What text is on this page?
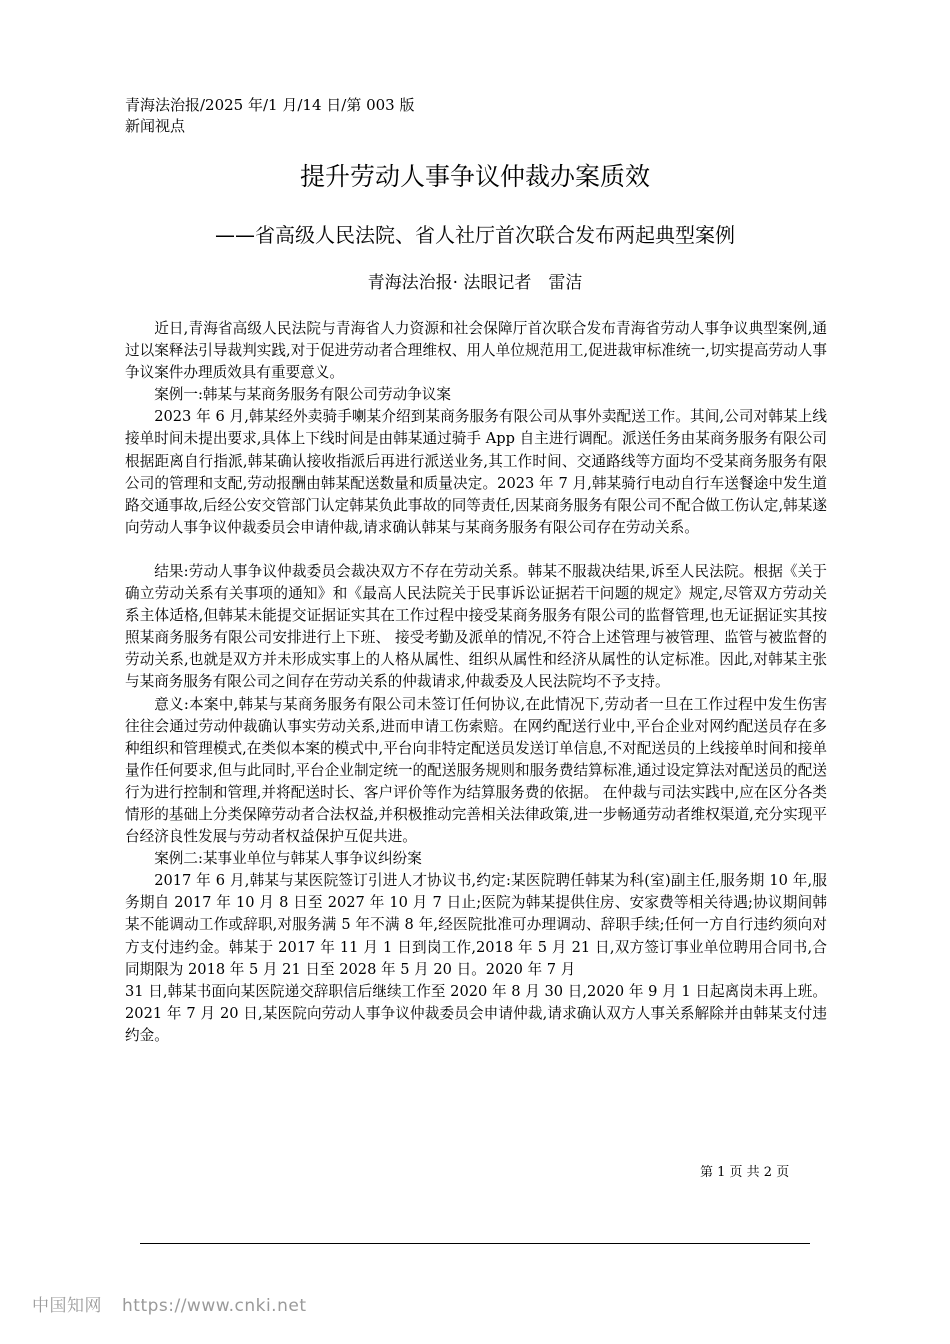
青海法治报/2025 年/1 月/14 日/第 003 版新闻视点
提升劳动人事争议仲裁办案质效
——省高级人民法院、省人社厅首次联合发布两起典型案例
青海法治报· 法眼记者　雷洁

近日,青海省高级人民法院与青海省人力资源和社会保障厅首次联合发布青海省劳动人事争议典型案例,通过以案释法引导裁判实践,对于促进劳动者合理维权、用人单位规范用工,促进裁审标准统一,切实提高劳动人事争议案件办理质效具有重要意义。

案例一:韩某与某商务服务有限公司劳动争议案

2023 年 6 月,韩某经外卖骑手喇某介绍到某商务服务有限公司从事外卖配送工作。其间,公司对韩某上线接单时间未提出要求,具体上下线时间是由韩某通过骑手 App 自主进行调配。派送任务由某商务服务有限公司根据距离自行指派,韩某确认接收指派后再进行派送业务,其工作时间、交通路线等方面均不受某商务服务有限公司的管理和支配,劳动报酬由韩某配送数量和质量决定。2023 年 7 月,韩某骑行电动自行车送餐途中发生道路交通事故,后经公安交管部门认定韩某负此事故的同等责任,因某商务服务有限公司不配合做工伤认定,韩某遂向劳动人事争议仲裁委员会申请仲裁,请求确认韩某与某商务服务有限公司存在劳动关系。

结果:劳动人事争议仲裁委员会裁决双方不存在劳动关系。韩某不服裁决结果,诉至人民法院。根据《关于确立劳动关系有关事项的通知》和《最高人民法院关于民事诉讼证据若干问题的规定》规定,尽管双方劳动关系主体适格,但韩某未能提交证据证实其在工作过程中接受某商务服务有限公司的监督管理,也无证据证实其按照某商务服务有限公司安排进行上下班、 接受考勤及派单的情况,不符合上述管理与被管理、监管与被监督的劳动关系,也就是双方并未形成实事上的人格从属性、组织从属性和经济从属性的认定标准。因此,对韩某主张与某商务服务有限公司之间存在劳动关系的仲裁请求,仲裁委及人民法院均不予支持。

意义:本案中,韩某与某商务服务有限公司未签订任何协议,在此情况下,劳动者一旦在工作过程中发生伤害往往会通过劳动仲裁确认事实劳动关系,进而申请工伤索赔。在网约配送行业中,平台企业对网约配送员存在多种组织和管理模式,在类似本案的模式中,平台向非特定配送员发送订单信息,不对配送员的上线接单时间和接单量作任何要求,但与此同时,平台企业制定统一的配送服务规则和服务费结算标准,通过设定算法对配送员的配送行为进行控制和管理,并将配送时长、客户评价等作为结算服务费的依据。 在仲裁与司法实践中,应在区分各类情形的基础上分类保障劳动者合法权益,并积极推动完善相关法律政策,进一步畅通劳动者维权渠道,充分实现平台经济良性发展与劳动者权益保护互促共进。

案例二:某事业单位与韩某人事争议纠纷案

2017 年 6 月,韩某与某医院签订引进人才协议书,约定:某医院聘任韩某为科(室)副主任,服务期 10 年,服务期自 2017 年 10 月 8 日至 2027 年 10 月 7 日止;医院为韩某提供住房、安家费等相关待遇;协议期间韩某不能调动工作或辞职,对服务满 5 年不满 8 年,经医院批准可办理调动、辞职手续;任何一方自行违约须向对方支付违约金。韩某于 2017 年 11 月 1 日到岗工作,2018 年 5 月 21 日,双方签订事业单位聘用合同书,合同期限为 2018 年 5 月 21 日至 2028 年 5 月 20 日。2020 年 7 月

31 日,韩某书面向某医院递交辞职信后继续工作至 2020 年 8 月 30 日,2020 年 9 月 1 日起离岗未再上班。 2021 年 7 月 20 日,某医院向劳动人事争议仲裁委员会申请仲裁,请求确认双方人事关系解除并由韩某支付违约金。

第 1 页 共 2 页
中国知网 https://www.cnki.net
